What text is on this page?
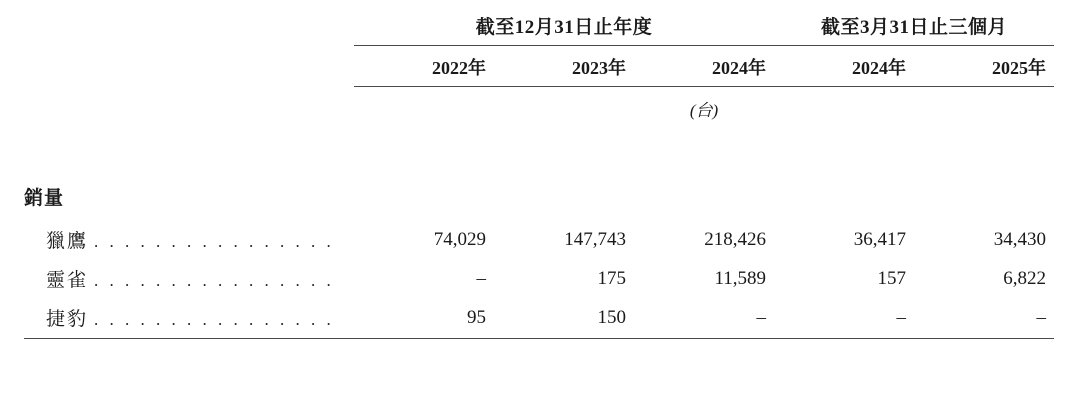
	截至12月31日止年度			截至3月31日止三個月	
	2022年	2023年	2024年	2024年	2025年
			(台)		

銷量					
獵鷹 . . . . . . . . . . . . . . . .	74,029	147,743	218,426	36,417	34,430
靈雀 . . . . . . . . . . . . . . . .	–	175	11,589	157	6,822
捷豹 . . . . . . . . . . . . . . . .	95	150	–	–	–
